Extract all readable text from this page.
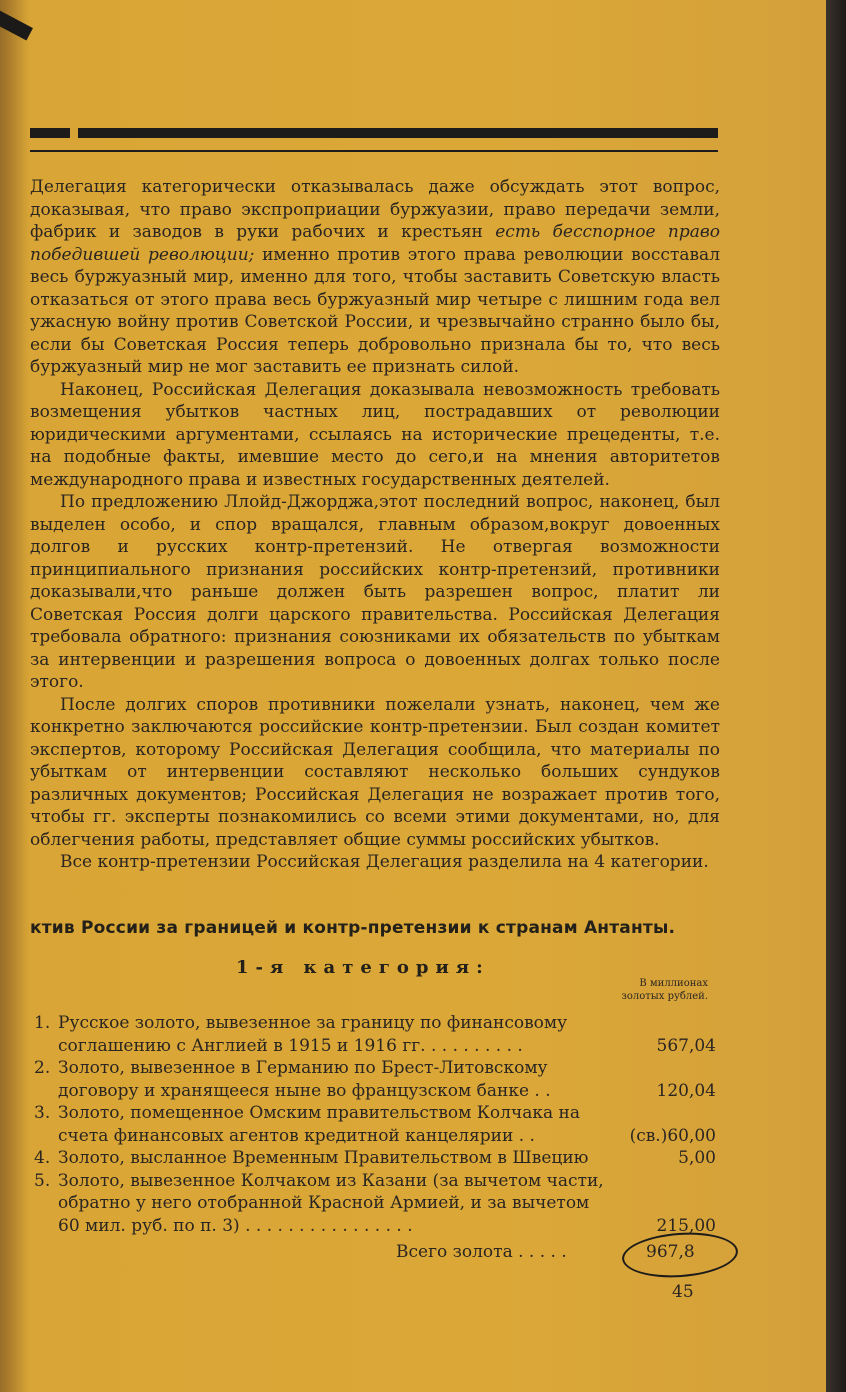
Делегация категорически отказывалась даже обсуждать этот вопрос, доказывая, что право экспроприации буржуазии, право передачи земли, фабрик и заводов в руки рабочих и крестьян есть бесспорное право победившей революции; именно против этого права революции восставал весь буржуазный мир, именно для того, чтобы заставить Советскую власть отказаться от этого права весь буржуазный мир четыре с лишним года вел ужасную войну против Советской России, и чрезвычайно странно было бы, если бы Советская Россия теперь добровольно признала бы то, что весь буржуазный мир не мог заставить ее признать силой.

Наконец, Российская Делегация доказывала невозможность требовать возмещения убытков частных лиц, пострадавших от революции юридическими аргументами, ссылаясь на исторические прецеденты, т.е. на подобные факты, имевшие место до сего,и на мнения авторитетов международного права и известных государственных деятелей.

По предложению Ллойд-Джорджа,этот последний вопрос, наконец, был выделен особо, и спор вращался, главным образом,вокруг довоенных долгов и русских контр-претензий. Не отвергая возможности принципиального признания российских контр-претензий, противники доказывали,что раньше должен быть разрешен вопрос, платит ли Советская Россия долги царского правительства. Российская Делегация требовала обратного: признания союзниками их обязательств по убыткам за интервенции и разрешения вопроса о довоенных долгах только после этого.

После долгих споров противники пожелали узнать, наконец, чем же конкретно заключаются российские контр-претензии. Был создан комитет экспертов, которому Российская Делегация сообщила, что материалы по убыткам от интервенции составляют несколько больших сундуков различных документов; Российская Делегация не возражает против того, чтобы гг. эксперты познакомились со всеми этими документами, но, для облегчения работы, представляет общие суммы российских убытков.

Все контр-претензии Российская Делегация разделила на 4 категории.

ктив России за границей и контр-претензии к странам Антанты.
1-я категория:
В миллионах золотых рублей.
1. Русское золото, вывезенное за границу по финансовому соглашению с Англией в 1915 и 1916 гг. . . . . . . . . .	567,04
2. Золото, вывезенное в Германию по Брест-Литовскому договору и хранящееся ныне во французском банке . .	120,04
3. Золото, помещенное Омским правительством Колчака на счета финансовых агентов кредитной канцелярии . .	(св.)60,00
4. Золото, высланное Временным Правительством в Швецию	5,00
5. Золото, вывезенное Колчаком из Казани (за вычетом части, обратно у него отобранной Красной Армией, и за вычетом 60 мил. руб. по п. 3) . . . . . . . . . . . . . . . .	215,00
Всего золота . . . . .	967,8
45
